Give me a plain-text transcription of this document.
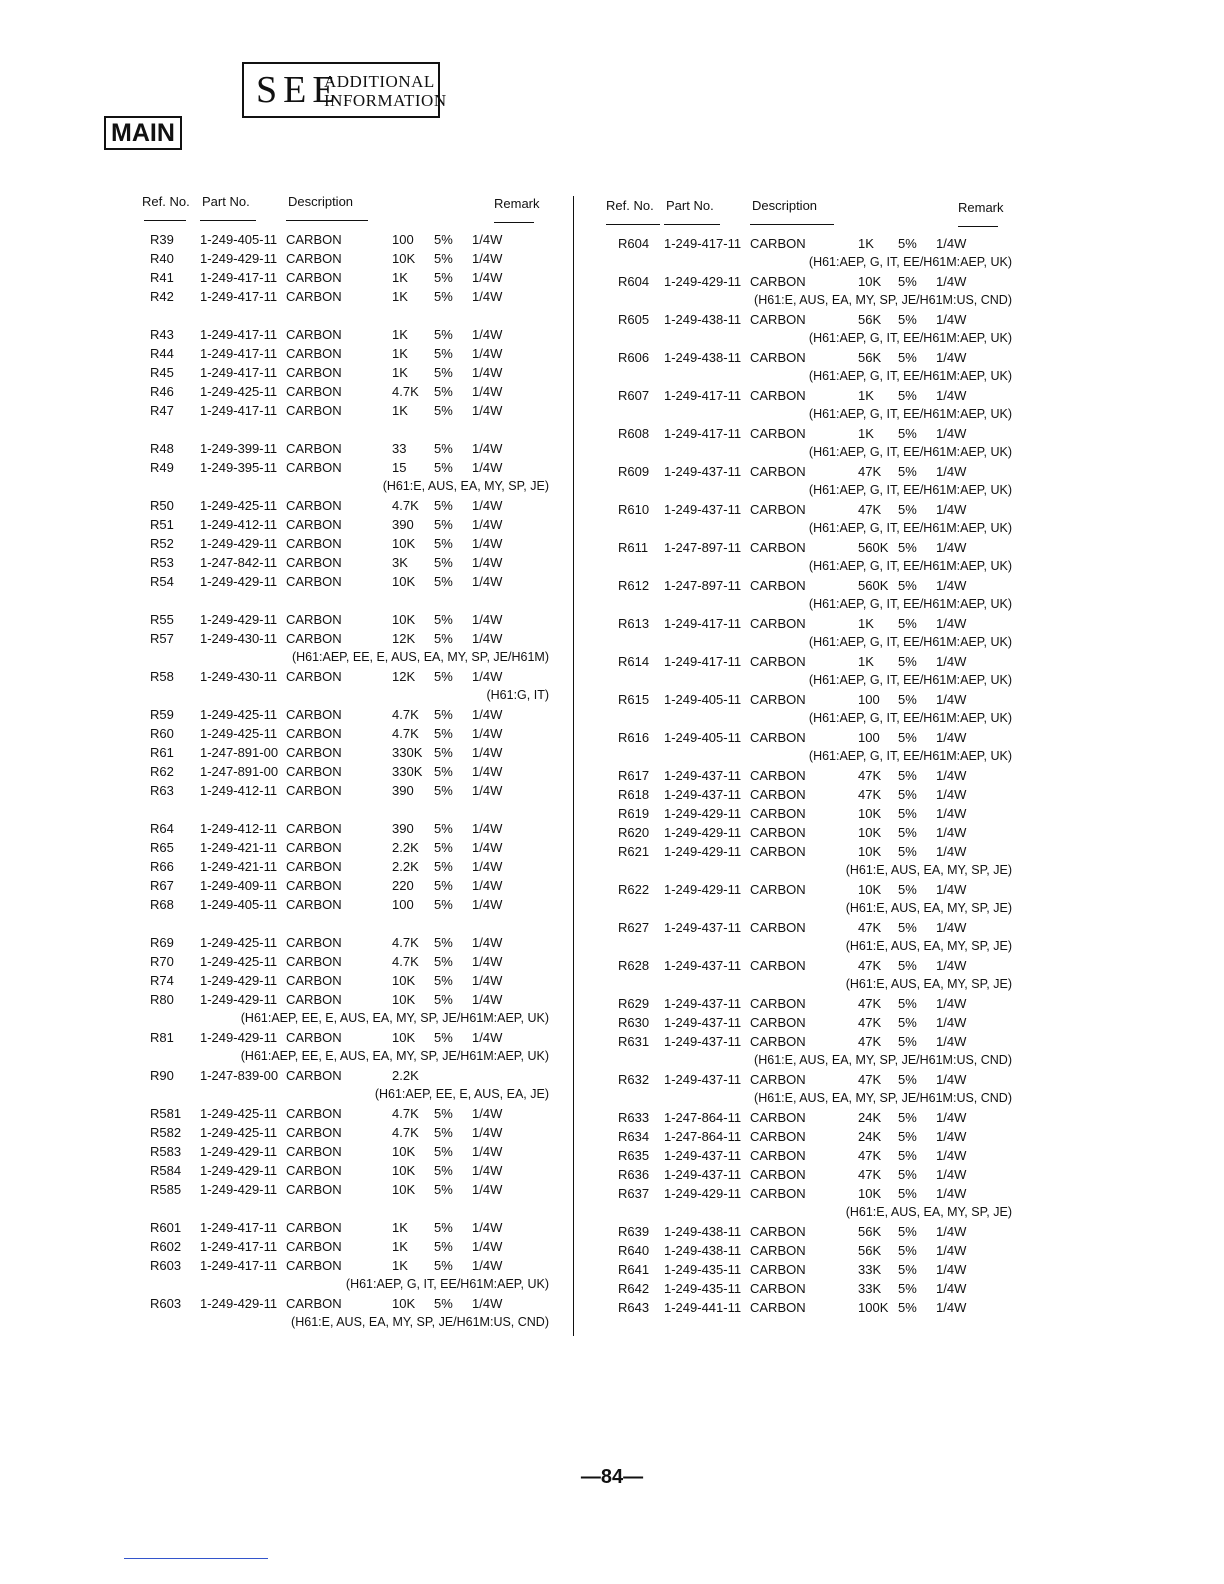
SEE
ADDITIONAL
INFORMATION
MAIN
Ref. No. Part No.	Description	Remark
R39 1-249-405-11 CARBON	100 5% 1/4W
R40 1-249-429-11 CARBON	10K 5% 1/4W
R41 1-249-417-11 CARBON	1K 5% 1/4W
R42 1-249-417-11 CARBON	1K 5% 1/4W
R43 1-249-417-11 CARBON	1K 5% 1/4W
R44 1-249-417-11 CARBON	1K 5% 1/4W
R45 1-249-417-11 CARBON	1K 5% 1/4W
R46 1-249-425-11 CARBON	4.7K 5% 1/4W
R47 1-249-417-11 CARBON	1K 5% 1/4W
R48 1-249-399-11 CARBON	33 5% 1/4W
R49 1-249-395-11 CARBON	15 5% 1/4W
(H61:E, AUS, EA, MY, SP, JE)
R50 1-249-425-11 CARBON	4.7K 5% 1/4W
R51 1-249-412-11 CARBON	390 5% 1/4W
R52 1-249-429-11 CARBON	10K 5% 1/4W
R53 1-247-842-11 CARBON	3K 5% 1/4W
R54 1-249-429-11 CARBON	10K 5% 1/4W
R55 1-249-429-11 CARBON	10K 5% 1/4W
R57 1-249-430-11 CARBON	12K 5% 1/4W
(H61:AEP, EE, E, AUS, EA, MY, SP, JE/H61M)
R58 1-249-430-11 CARBON	12K 5% 1/4W
(H61:G, IT)
R59 1-249-425-11 CARBON	4.7K 5% 1/4W
R60 1-249-425-11 CARBON	4.7K 5% 1/4W
R61 1-247-891-00 CARBON	330K 5% 1/4W
R62 1-247-891-00 CARBON	330K 5% 1/4W
R63 1-249-412-11 CARBON	390 5% 1/4W
R64 1-249-412-11 CARBON	390 5% 1/4W
R65 1-249-421-11 CARBON	2.2K 5% 1/4W
R66 1-249-421-11 CARBON	2.2K 5% 1/4W
R67 1-249-409-11 CARBON	220 5% 1/4W
R68 1-249-405-11 CARBON	100 5% 1/4W
R69 1-249-425-11 CARBON	4.7K 5% 1/4W
R70 1-249-425-11 CARBON	4.7K 5% 1/4W
R74 1-249-429-11 CARBON	10K 5% 1/4W
R80 1-249-429-11 CARBON	10K 5% 1/4W
(H61:AEP, EE, E, AUS, EA, MY, SP, JE/H61M:AEP, UK)
R81 1-249-429-11 CARBON	10K 5% 1/4W
(H61:AEP, EE, E, AUS, EA, MY, SP, JE/H61M:AEP, UK)
R90 1-247-839-00 CARBON	2.2K
(H61:AEP, EE, E, AUS, EA, JE)
R581 1-249-425-11 CARBON	4.7K 5% 1/4W
R582 1-249-425-11 CARBON	4.7K 5% 1/4W
R583 1-249-429-11 CARBON	10K 5% 1/4W
R584 1-249-429-11 CARBON	10K 5% 1/4W
R585 1-249-429-11 CARBON	10K 5% 1/4W
R601 1-249-417-11 CARBON	1K 5% 1/4W
R602 1-249-417-11 CARBON	1K 5% 1/4W
R603 1-249-417-11 CARBON	1K 5% 1/4W
(H61:AEP, G, IT, EE/H61M:AEP, UK)
R603 1-249-429-11 CARBON	10K 5% 1/4W
(H61:E, AUS, EA, MY, SP, JE/H61M:US, CND)
Ref. No. Part No.	Description	Remark
R604 1-249-417-11 CARBON	1K 5% 1/4W
(H61:AEP, G, IT, EE/H61M:AEP, UK)
R604 1-249-429-11 CARBON	10K 5% 1/4W
(H61:E, AUS, EA, MY, SP, JE/H61M:US, CND)
R605 1-249-438-11 CARBON	56K 5% 1/4W
(H61:AEP, G, IT, EE/H61M:AEP, UK)
R606 1-249-438-11 CARBON	56K 5% 1/4W
(H61:AEP, G, IT, EE/H61M:AEP, UK)
R607 1-249-417-11 CARBON	1K 5% 1/4W
(H61:AEP, G, IT, EE/H61M:AEP, UK)
R608 1-249-417-11 CARBON	1K 5% 1/4W
(H61:AEP, G, IT, EE/H61M:AEP, UK)
R609 1-249-437-11 CARBON	47K 5% 1/4W
(H61:AEP, G, IT, EE/H61M:AEP, UK)
R610 1-249-437-11 CARBON	47K 5% 1/4W
(H61:AEP, G, IT, EE/H61M:AEP, UK)
R611 1-247-897-11 CARBON	560K 5% 1/4W
(H61:AEP, G, IT, EE/H61M:AEP, UK)
R612 1-247-897-11 CARBON	560K 5% 1/4W
(H61:AEP, G, IT, EE/H61M:AEP, UK)
R613 1-249-417-11 CARBON	1K 5% 1/4W
(H61:AEP, G, IT, EE/H61M:AEP, UK)
R614 1-249-417-11 CARBON	1K 5% 1/4W
(H61:AEP, G, IT, EE/H61M:AEP, UK)
R615 1-249-405-11 CARBON	100 5% 1/4W
(H61:AEP, G, IT, EE/H61M:AEP, UK)
R616 1-249-405-11 CARBON	100 5% 1/4W
(H61:AEP, G, IT, EE/H61M:AEP, UK)
R617 1-249-437-11 CARBON	47K 5% 1/4W
R618 1-249-437-11 CARBON	47K 5% 1/4W
R619 1-249-429-11 CARBON	10K 5% 1/4W
R620 1-249-429-11 CARBON	10K 5% 1/4W
R621 1-249-429-11 CARBON	10K 5% 1/4W
(H61:E, AUS, EA, MY, SP, JE)
R622 1-249-429-11 CARBON	10K 5% 1/4W
(H61:E, AUS, EA, MY, SP, JE)
R627 1-249-437-11 CARBON	47K 5% 1/4W
(H61:E, AUS, EA, MY, SP, JE)
R628 1-249-437-11 CARBON	47K 5% 1/4W
(H61:E, AUS, EA, MY, SP, JE)
R629 1-249-437-11 CARBON	47K 5% 1/4W
R630 1-249-437-11 CARBON	47K 5% 1/4W
R631 1-249-437-11 CARBON	47K 5% 1/4W
(H61:E, AUS, EA, MY, SP, JE/H61M:US, CND)
R632 1-249-437-11 CARBON	47K 5% 1/4W
(H61:E, AUS, EA, MY, SP, JE/H61M:US, CND)
R633 1-247-864-11 CARBON	24K 5% 1/4W
R634 1-247-864-11 CARBON	24K 5% 1/4W
R635 1-249-437-11 CARBON	47K 5% 1/4W
R636 1-249-437-11 CARBON	47K 5% 1/4W
R637 1-249-429-11 CARBON	10K 5% 1/4W
(H61:E, AUS, EA, MY, SP, JE)
R639 1-249-438-11 CARBON	56K 5% 1/4W
R640 1-249-438-11 CARBON	56K 5% 1/4W
R641 1-249-435-11 CARBON	33K 5% 1/4W
R642 1-249-435-11 CARBON	33K 5% 1/4W
R643 1-249-441-11 CARBON	100K 5% 1/4W
—84—
